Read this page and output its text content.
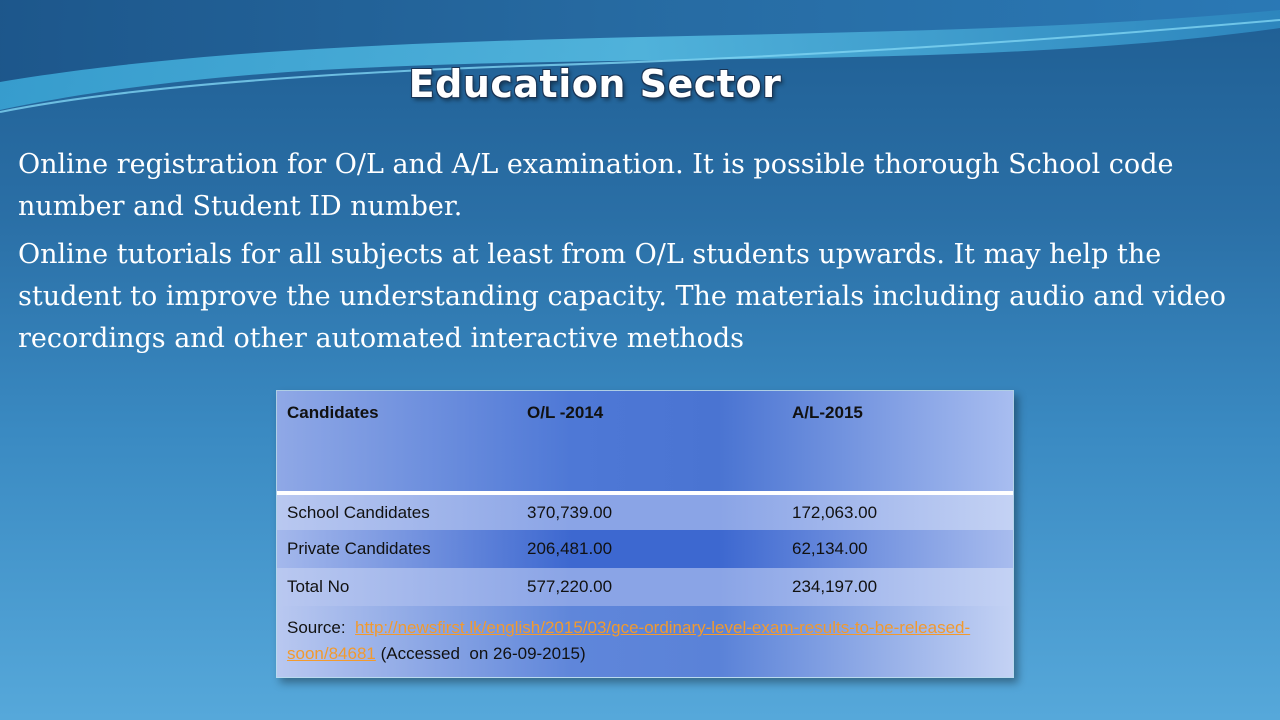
Education Sector

Online registration for O/L and A/L examination. It is possible thorough School code number and Student ID number.

Online tutorials for all subjects at least from O/L students upwards. It may help the student to improve the understanding capacity. The materials including audio and video recordings and other automated interactive methods

Candidates	O/L -2014	A/L-2015
School Candidates	370,739.00	172,063.00
Private Candidates	206,481.00	62,134.00
Total No	577,220.00	234,197.00
Source:  http://newsfirst.lk/english/2015/03/gce-ordinary-level-exam-results-to-be-released-soon/84681 (Accessed  on 26-09-2015)		
